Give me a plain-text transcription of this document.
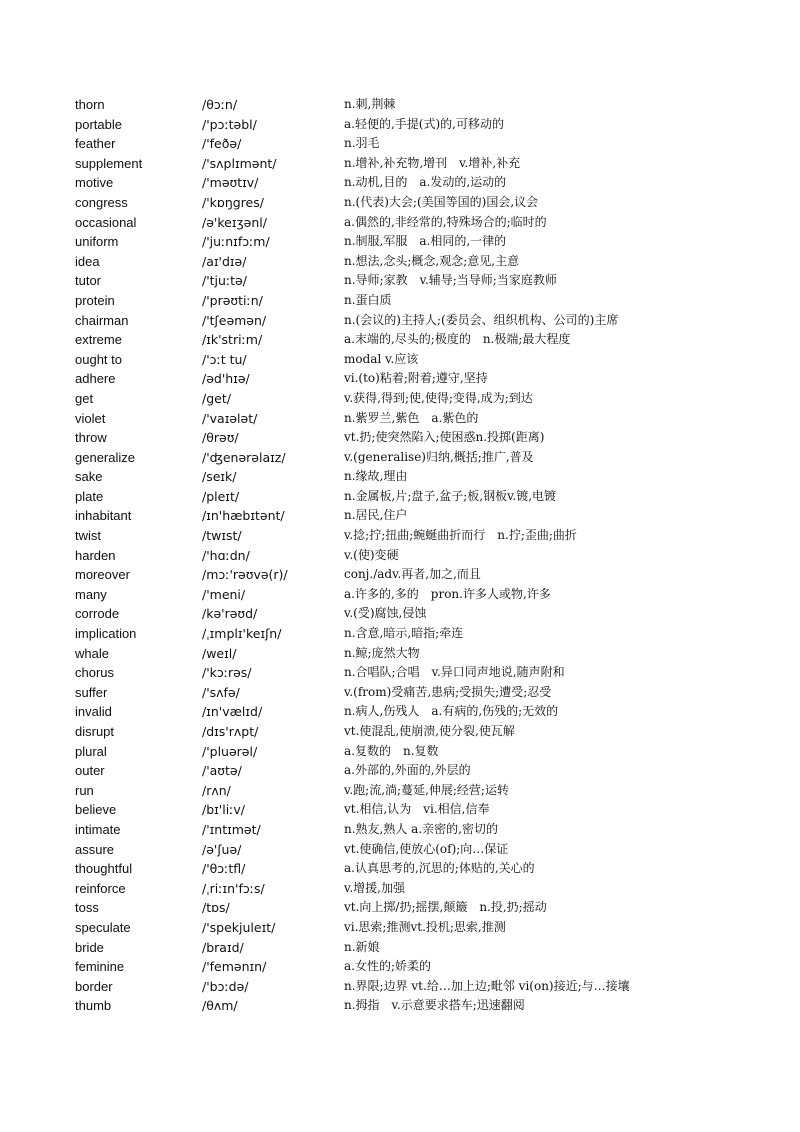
thorn	/θɔːn/	n.刺,荆棘
portable	/'pɔːtəbl/	a.轻便的,手提(式)的,可移动的
feather	/'feðə/	n.羽毛
supplement	/'sʌplɪmənt/	n.增补,补充物,增刊　v.增补,补充
motive	/'məʊtɪv/	n.动机,目的　a.发动的,运动的
congress	/'kɒŋgres/	n.(代表)大会;(美国等国的)国会,议会
occasional	/ə'keɪʒənl/	a.偶然的,非经常的,特殊场合的;临时的
uniform	/'juːnɪfɔːm/	n.制服,军服　a.相同的,一律的
idea	/aɪ'dɪə/	n.想法,念头;概念,观念;意见,主意
tutor	/'tjuːtə/	n.导师;家教　v.辅导;当导师;当家庭教师
protein	/'prəʊtiːn/	n.蛋白质
chairman	/'tʃeəmən/	n.(会议的)主持人;(委员会、组织机构、公司的)主席
extreme	/ɪk'striːm/	a.末端的,尽头的;极度的　n.极端;最大程度
ought to	/'ɔːt tu/	modal v.应该
adhere	/əd'hɪə/	vi.(to)粘着;附着;遵守,坚持
get	/get/	v.获得,得到;使,使得;变得,成为;到达
violet	/'vaɪələt/	n.紫罗兰,紫色　a.紫色的
throw	/θrəʊ/	vt.扔;使突然陷入;使困惑n.投掷(距离)
generalize	/'ʤenərəlaɪz/	v.(generalise)归纳,概括;推广,普及
sake	/seɪk/	n.缘故,理由
plate	/pleɪt/	n.金属板,片;盘子,盆子;板,钢板v.镀,电镀
inhabitant	/ɪn'hæbɪtənt/	n.居民,住户
twist	/twɪst/	v.捻;拧;扭曲;蜿蜒曲折而行　n.拧;歪曲;曲折
harden	/'hɑːdn/	v.(使)变硬
moreover	/mɔː'rəʊvə(r)/	conj./adv.再者,加之,而且
many	/'meni/	a.许多的,多的　pron.许多人或物,许多
corrode	/kə'rəʊd/	v.(受)腐蚀,侵蚀
implication	/ˌɪmplɪ'keɪʃn/	n.含意,暗示,暗指;牵连
whale	/weɪl/	n.鲸;庞然大物
chorus	/'kɔːrəs/	n.合唱队;合唱　v.异口同声地说,随声附和
suffer	/'sʌfə/	v.(from)受痛苦,患病;受损失;遭受;忍受
invalid	/ɪn'vælɪd/	n.病人,伤残人　a.有病的,伤残的;无效的
disrupt	/dɪs'rʌpt/	vt.使混乱,使崩溃,使分裂,使瓦解
plural	/'pluərəl/	a.复数的　n.复数
outer	/'aʊtə/	a.外部的,外面的,外层的
run	/rʌn/	v.跑;流,淌;蔓延,伸展;经营;运转
believe	/bɪ'liːv/	vt.相信,认为　vi.相信,信奉
intimate	/'ɪntɪmət/	n.熟友,熟人 a.亲密的,密切的
assure	/ə'ʃuə/	vt.使确信,使放心(of);向…保证
thoughtful	/'θɔːtfl/	a.认真思考的,沉思的;体贴的,关心的
reinforce	/ˌriːɪn'fɔːs/	v.增援,加强
toss	/tɒs/	vt.向上掷/扔;摇摆,颠簸　n.投,扔;摇动
speculate	/'spekjuleɪt/	vi.思索;推测vt.投机;思索,推测
bride	/braɪd/	n.新娘
feminine	/'femənɪn/	a.女性的;娇柔的
border	/'bɔːdə/	n.界限;边界 vt.给…加上边;毗邻 vi(on)接近;与…接壤
thumb	/θʌm/	n.拇指　v.示意要求搭车;迅速翻阅
